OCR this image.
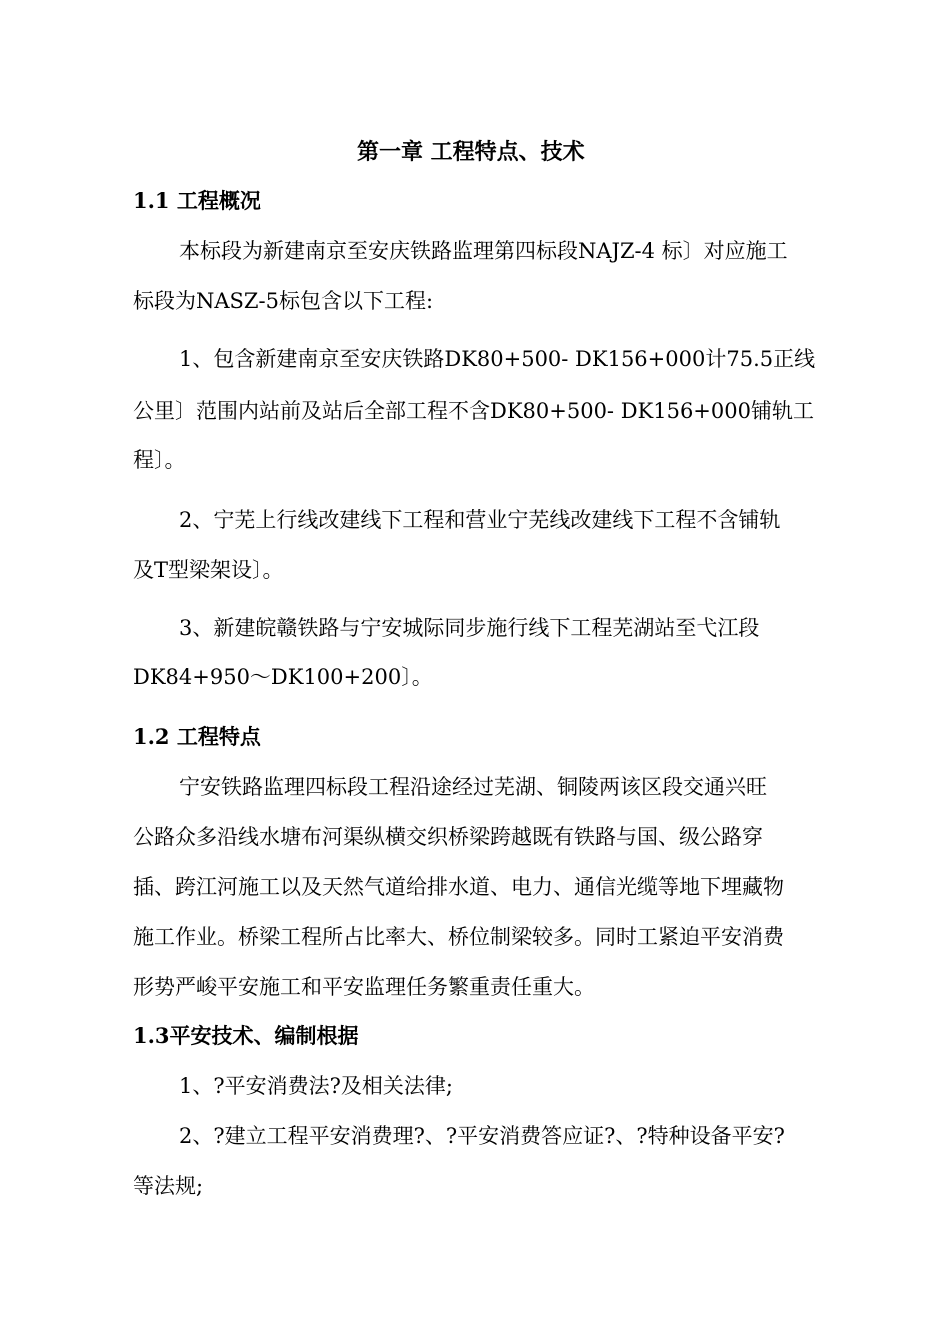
第一章 工程特点、技术
1.1 工程概况
本标段为新建南京至安庆铁路监理第四标段NAJZ-4 标〕对应施工
标段为NASZ-5标包含以下工程:
1、包含新建南京至安庆铁路DK80+500- DK156+000计75.5正线
公里〕范围内站前及站后全部工程不含DK80+500- DK156+000铺轨工
程〕。
2、宁芜上行线改建线下工程和营业宁芜线改建线下工程不含铺轨
及T型梁架设〕。
3、新建皖赣铁路与宁安城际同步施行线下工程芜湖站至弋江段
DK84+950～DK100+200〕。
1.2 工程特点
宁安铁路监理四标段工程沿途经过芜湖、铜陵两该区段交通兴旺
公路众多沿线水塘布河渠纵横交织桥梁跨越既有铁路与国、级公路穿
插、跨江河施工以及天然气道给排水道、电力、通信光缆等地下埋藏物
施工作业。桥梁工程所占比率大、桥位制梁较多。同时工紧迫平安消费
形势严峻平安施工和平安监理任务繁重责任重大。
1.3平安技术、编制根据
1、?平安消费法?及相关法律;
2、?建立工程平安消费理?、?平安消费答应证?、?特种设备平安?
等法规;
